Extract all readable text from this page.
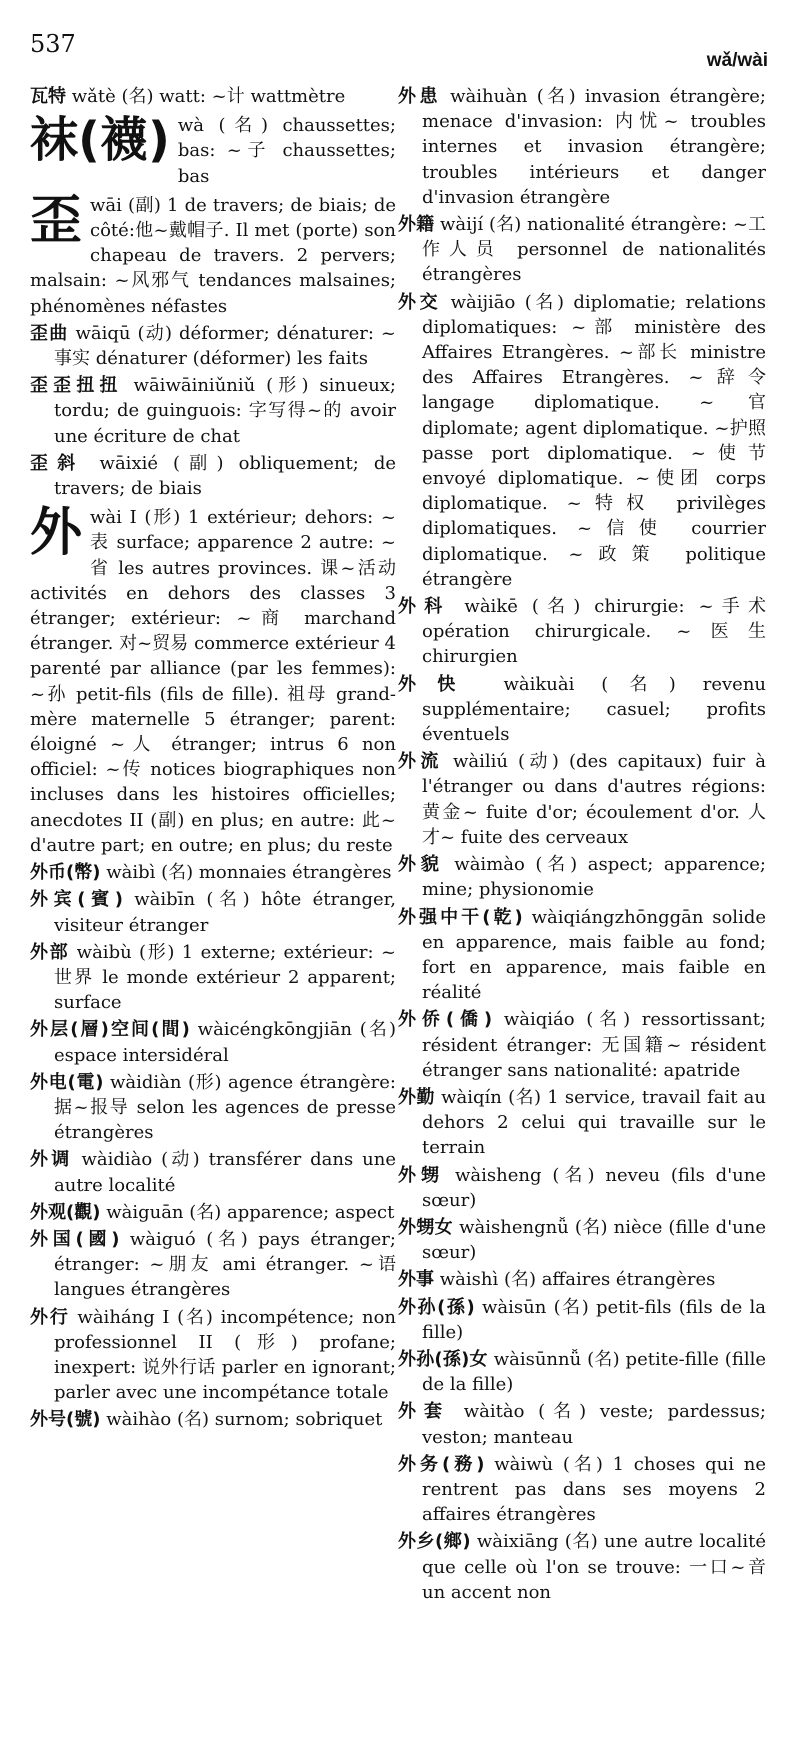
537
wǎ/wài
瓦特 wǎtè (名) watt: ~计 wattmètre
袜(襪) wà (名) chaussettes; bas: ~子 chaussettes; bas
歪 wāi (副) 1 de travers; de biais; de côté:他~戴帽子. Il met (porte) son chapeau de travers. 2 pervers; malsain: ~风邪气 tendances malsaines; phénomènes néfastes
歪曲 wāiqū (动) déformer; dénaturer: ~事实 dénaturer (déformer) les faits
歪歪扭扭 wāiwāiniǔniǔ (形) sinueux; tordu; de guinguois: 字写得~的 avoir une écriture de chat
歪斜 wāixié (副) obliquement; de travers; de biais
外 wài I (形) 1 extérieur; dehors: ~表 surface; apparence 2 autre: ~省 les autres provinces. 课~活动 activités en dehors des classes 3 étranger; extérieur: ~商 marchand étranger. 对~贸易 commerce extérieur 4 parenté par alliance (par les femmes): ~孙 petit-fils (fils de fille). 祖母 grand-mère maternelle 5 étranger; parent: éloigné ~人 étranger; intrus 6 non officiel: ~传 notices biographiques non incluses dans les histoires officielles; anecdotes II (副) en plus; en autre: 此~ d'autre part; en outre; en plus; du reste
外币(幣) wàibì (名) monnaies étrangères
外宾(賓) wàibīn (名) hôte étranger, visiteur étranger
外部 wàibù (形) 1 externe; extérieur: ~世界 le monde extérieur 2 apparent; surface
外层(層)空间(間) wàicéngkōngjiān (名) espace intersidéral
外电(電) wàidiàn (形) agence étrangère:据~报导 selon les agences de presse étrangères
外调 wàidiào (动) transférer dans une autre localité
外观(觀) wàiguān (名) apparence; aspect
外国(國) wàiguó (名) pays étranger; étranger: ~朋友 ami étranger. ~语 langues étrangères
外行 wàiháng I (名) incompétence; non professionnel II (形) profane; inexpert: 说外行话 parler en ignorant; parler avec une incompétance totale
外号(號) wàihào (名) surnom; sobriquet
外患 wàihuàn (名) invasion étrangère; menace d'invasion: 内忧~ troubles internes et invasion étrangère; troubles intérieurs et danger d'invasion étrangère
外籍 wàijí (名) nationalité étrangère: ~工作人员 personnel de nationalités étrangères
外交 wàijiāo (名) diplomatie; relations diplomatiques: ~部 ministère des Affaires Etrangères. ~部长 ministre des Affaires Etrangères. ~辞令 langage diplomatique. ~官 diplomate; agent diplomatique. ~护照 passe port diplomatique. ~使节 envoyé diplomatique. ~使团 corps diplomatique. ~特权 privilèges diplomatiques. ~信使 courrier diplomatique. ~政策 politique étrangère
外科 wàikē (名) chirurgie: ~手术 opération chirurgicale. ~医生 chirurgien
外快 wàikuài (名) revenu supplémentaire; casuel; profits éventuels
外流 wàiliú (动) (des capitaux) fuir à l'étranger ou dans d'autres régions: 黄金~ fuite d'or; écoulement d'or. 人才~ fuite des cerveaux
外貌 wàimào (名) aspect; apparence; mine; physionomie
外强中干(乾) wàiqiángzhōnggān solide en apparence, mais faible au fond; fort en apparence, mais faible en réalité
外侨(僑) wàiqiáo (名) ressortissant; résident étranger: 无国籍~ résident étranger sans nationalité: apatride
外勤 wàiqín (名) 1 service, travail fait au dehors 2 celui qui travaille sur le terrain
外甥 wàisheng (名) neveu (fils d'une sœur)
外甥女 wàishengnǚ (名) nièce (fille d'une sœur)
外事 wàishì (名) affaires étrangères
外孙(孫) wàisūn (名) petit-fils (fils de la fille)
外孙(孫)女 wàisūnnǚ (名) petite-fille (fille de la fille)
外套 wàitào (名) veste; pardessus; veston; manteau
外务(務) wàiwù (名) 1 choses qui ne rentrent pas dans ses moyens 2 affaires étrangères
外乡(鄉) wàixiāng (名) une autre localité que celle où l'on se trouve: 一口~音 un accent non
